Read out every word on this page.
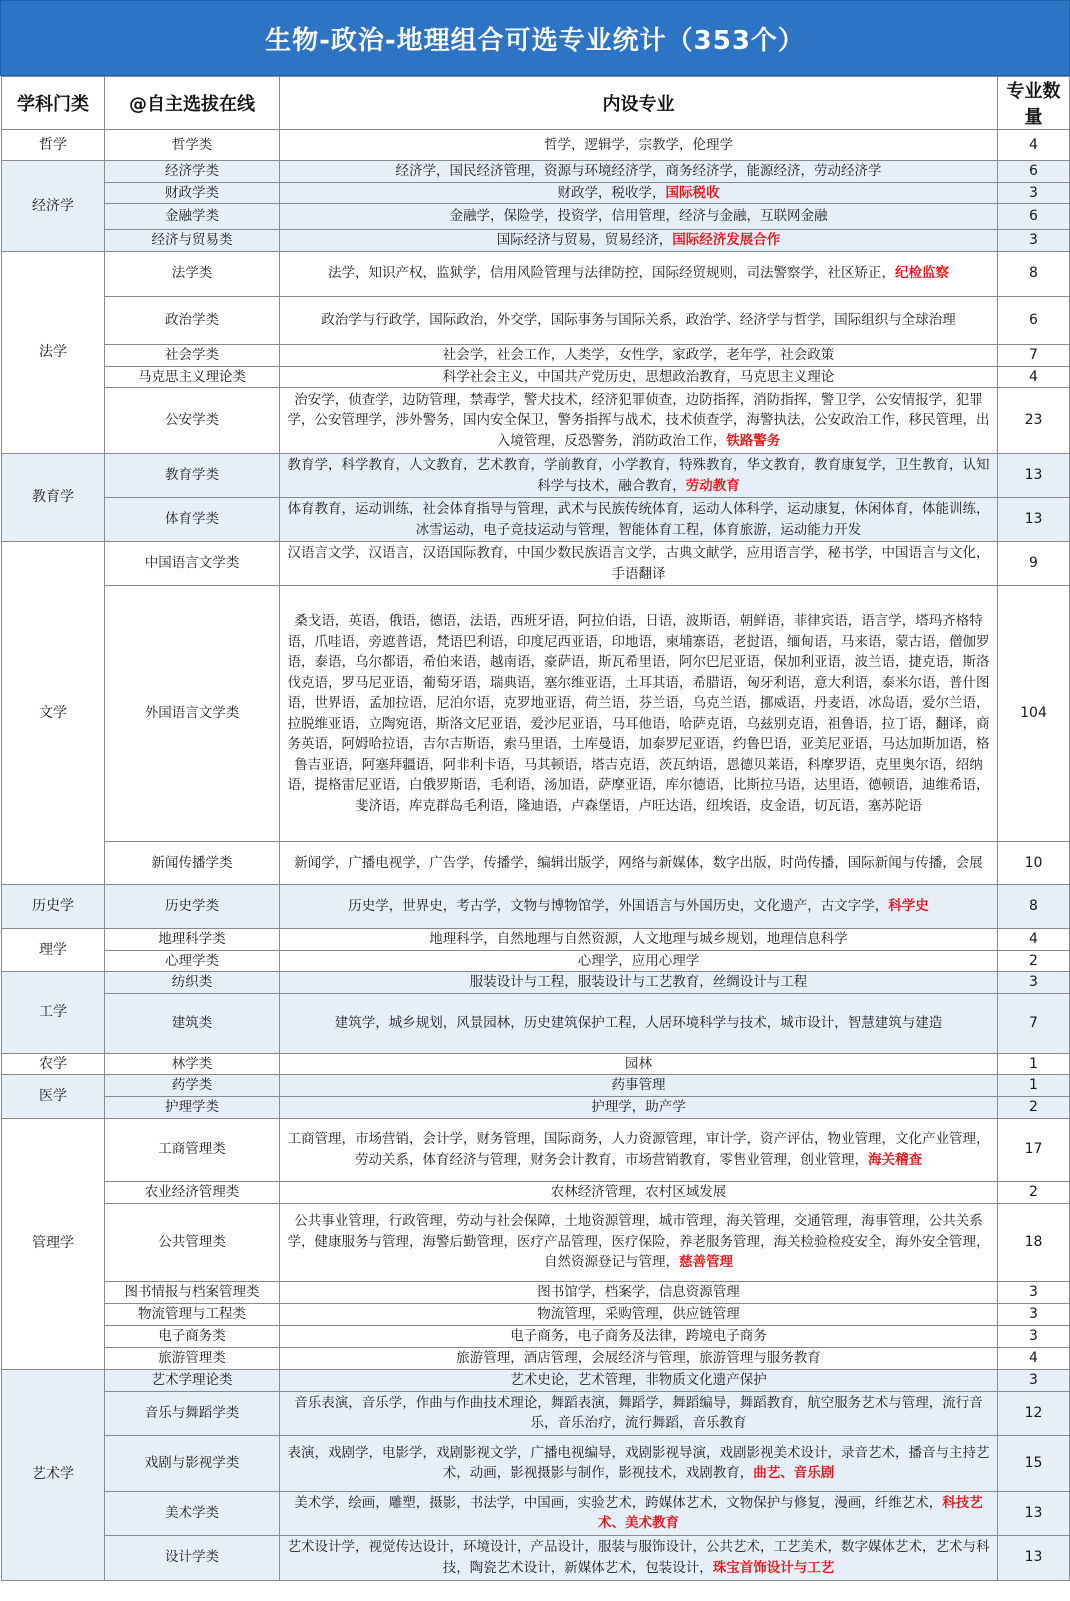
生物-政治-地理组合可选专业统计（353个）
学科门类	@自主选拔在线	内设专业	专业数量
哲学	哲学类	哲学，逻辑学，宗教学，伦理学	4
经济学	经济学类	经济学，国民经济管理，资源与环境经济学，商务经济学，能源经济，劳动经济学	6
	财政学类	财政学，税收学，国际税收	3
	金融学类	金融学，保险学，投资学，信用管理，经济与金融，互联网金融	6
	经济与贸易类	国际经济与贸易，贸易经济，国际经济发展合作	3
法学	法学类	法学，知识产权，监狱学，信用风险管理与法律防控，国际经贸规则，司法警察学，社区矫正，纪检监察	8
	政治学类	政治学与行政学，国际政治，外交学，国际事务与国际关系，政治学、经济学与哲学，国际组织与全球治理	6
	社会学类	社会学，社会工作，人类学，女性学，家政学，老年学，社会政策	7
	马克思主义理论类	科学社会主义，中国共产党历史，思想政治教育，马克思主义理论	4
	公安学类	治安学，侦查学，边防管理，禁毒学，警犬技术，经济犯罪侦查，边防指挥，消防指挥，警卫学，公安情报学，犯罪学，公安管理学，涉外警务，国内安全保卫，警务指挥与战术，技术侦查学，海警执法，公安政治工作，移民管理，出入境管理，反恐警务，消防政治工作，铁路警务	23
教育学	教育学类	教育学，科学教育，人文教育，艺术教育，学前教育，小学教育，特殊教育，华文教育，教育康复学，卫生教育，认知科学与技术，融合教育，劳动教育	13
	体育学类	体育教育，运动训练，社会体育指导与管理，武术与民族传统体育，运动人体科学，运动康复，休闲体育，体能训练，冰雪运动，电子竞技运动与管理，智能体育工程，体育旅游，运动能力开发	13
文学	中国语言文学类	汉语言文学，汉语言，汉语国际教育，中国少数民族语言文学，古典文献学，应用语言学，秘书学，中国语言与文化，手语翻译	9
	外国语言文学类	桑戈语，英语，俄语，德语，法语，西班牙语，阿拉伯语，日语，波斯语，朝鲜语，菲律宾语，语言学，塔玛齐格特语，爪哇语，旁遮普语，梵语巴利语，印度尼西亚语，印地语，柬埔寨语，老挝语，缅甸语，马来语，蒙古语，僧伽罗语，泰语，乌尔都语，希伯来语，越南语，豪萨语，斯瓦希里语，阿尔巴尼亚语，保加利亚语，波兰语，捷克语，斯洛伐克语，罗马尼亚语，葡萄牙语，瑞典语，塞尔维亚语，土耳其语，希腊语，匈牙利语，意大利语，泰米尔语，普什图语，世界语，孟加拉语，尼泊尔语，克罗地亚语，荷兰语，芬兰语，乌克兰语，挪威语，丹麦语，冰岛语，爱尔兰语，拉脱维亚语，立陶宛语，斯洛文尼亚语，爱沙尼亚语，马耳他语，哈萨克语，乌兹别克语，祖鲁语，拉丁语，翻译，商务英语，阿姆哈拉语，吉尔吉斯语，索马里语，土库曼语，加泰罗尼亚语，约鲁巴语，亚美尼亚语，马达加斯加语，格鲁吉亚语，阿塞拜疆语，阿非利卡语，马其顿语，塔吉克语，茨瓦纳语，恩德贝莱语，科摩罗语，克里奥尔语，绍纳语，提格雷尼亚语，白俄罗斯语，毛利语，汤加语，萨摩亚语，库尔德语，比斯拉马语，达里语，德顿语，迪维希语，斐济语，库克群岛毛利语，隆迪语，卢森堡语，卢旺达语，纽埃语，皮金语，切瓦语，塞苏陀语	104
	新闻传播学类	新闻学，广播电视学，广告学，传播学，编辑出版学，网络与新媒体，数字出版，时尚传播，国际新闻与传播，会展	10
历史学	历史学类	历史学，世界史，考古学，文物与博物馆学，外国语言与外国历史，文化遗产，古文字学，科学史	8
理学	地理科学类	地理科学，自然地理与自然资源，人文地理与城乡规划，地理信息科学	4
	心理学类	心理学，应用心理学	2
工学	纺织类	服装设计与工程，服装设计与工艺教育，丝绸设计与工程	3
	建筑类	建筑学，城乡规划，风景园林，历史建筑保护工程，人居环境科学与技术，城市设计，智慧建筑与建造	7
农学	林学类	园林	1
医学	药学类	药事管理	1
	护理学类	护理学，助产学	2
管理学	工商管理类	工商管理，市场营销，会计学，财务管理，国际商务，人力资源管理，审计学，资产评估，物业管理，文化产业管理，劳动关系，体育经济与管理，财务会计教育，市场营销教育，零售业管理，创业管理，海关稽查	17
	农业经济管理类	农林经济管理，农村区域发展	2
	公共管理类	公共事业管理，行政管理，劳动与社会保障，土地资源管理，城市管理，海关管理，交通管理，海事管理，公共关系学，健康服务与管理，海警后勤管理，医疗产品管理，医疗保险，养老服务管理，海关检验检疫安全，海外安全管理，自然资源登记与管理，慈善管理	18
	图书情报与档案管理类	图书馆学，档案学，信息资源管理	3
	物流管理与工程类	物流管理，采购管理，供应链管理	3
	电子商务类	电子商务，电子商务及法律，跨境电子商务	3
	旅游管理类	旅游管理，酒店管理，会展经济与管理，旅游管理与服务教育	4
艺术学	艺术学理论类	艺术史论，艺术管理，非物质文化遗产保护	3
	音乐与舞蹈学类	音乐表演，音乐学，作曲与作曲技术理论，舞蹈表演，舞蹈学，舞蹈编导，舞蹈教育，航空服务艺术与管理，流行音乐，音乐治疗，流行舞蹈，音乐教育	12
	戏剧与影视学类	表演，戏剧学，电影学，戏剧影视文学，广播电视编导，戏剧影视导演，戏剧影视美术设计，录音艺术，播音与主持艺术，动画，影视摄影与制作，影视技术，戏剧教育，曲艺、音乐剧	15
	美术学类	美术学，绘画，雕塑，摄影，书法学，中国画，实验艺术，跨媒体艺术，文物保护与修复，漫画，纤维艺术，科技艺术、美术教育	13
	设计学类	艺术设计学，视觉传达设计，环境设计，产品设计，服装与服饰设计，公共艺术，工艺美术，数字媒体艺术，艺术与科技，陶瓷艺术设计，新媒体艺术，包装设计，珠宝首饰设计与工艺	13
